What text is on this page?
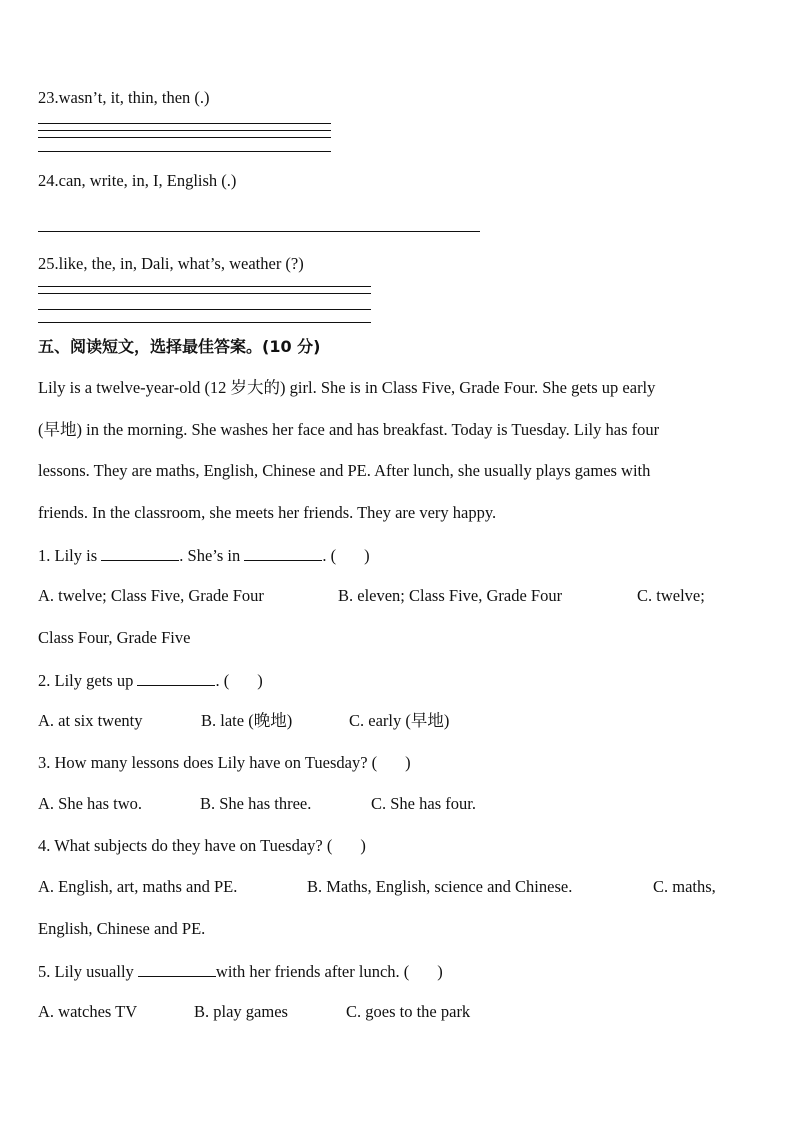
23.wasn’t, it, thin, then (.)
24.can, write, in, I, English (.)
25.like, the, in, Dali, what’s, weather (?)
五、阅读短文，选择最佳答案。(10 分)
Lily is a twelve-year-old (12 岁大的) girl. She is in Class Five, Grade Four. She gets up early
(早地) in the morning. She washes her face and has breakfast. Today is Tuesday. Lily has four
lessons. They are maths, English, Chinese and PE. After lunch, she usually plays games with
friends. In the classroom, she meets her friends. They are very happy.
1. Lily is	. She’s in	. ( )
A. twelve; Class Five, Grade Four	B. eleven; Class Five, Grade Four	C. twelve;
Class Four, Grade Five
2. Lily gets up	. ( )
A. at six twenty	B. late (晚地)	C. early (早地)
3. How many lessons does Lily have on Tuesday? ( )
A. She has two.	B. She has three.	C. She has four.
4. What subjects do they have on Tuesday? ( )
A. English, art, maths and PE.	B. Maths, English, science and Chinese.	C. maths,
English, Chinese and PE.
5. Lily usually	with her friends after lunch. ( )
A. watches TV	B. play games	C. goes to the park
